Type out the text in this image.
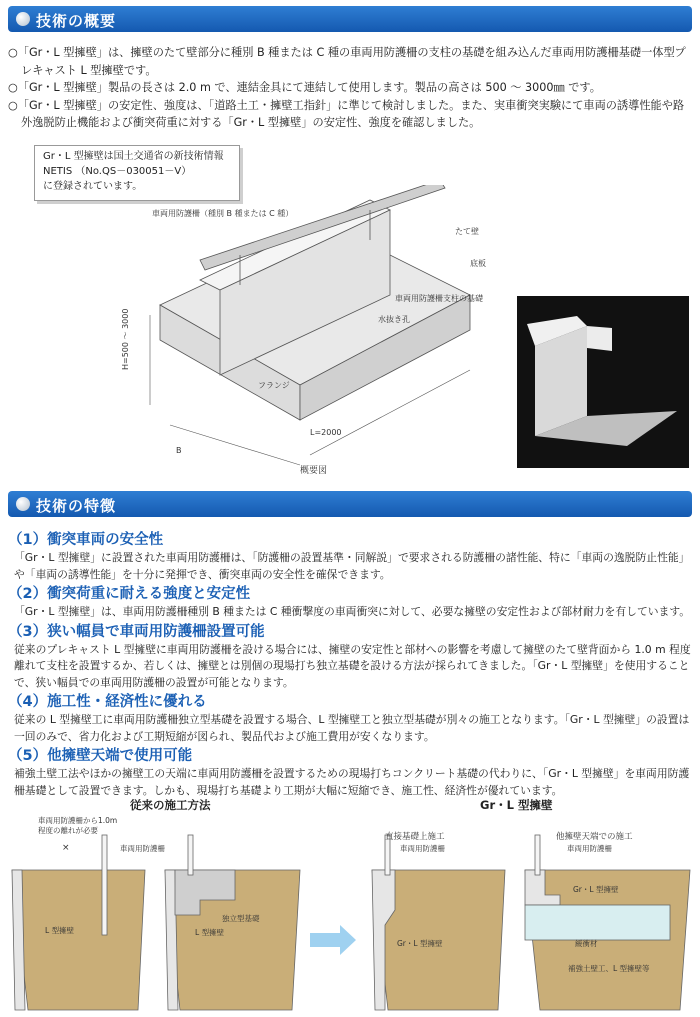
技術の概要

○「Gr・L 型擁壁」は、擁壁のたて壁部分に種別 B 種または C 種の車両用防護柵の支柱の基礎を組み込んだ車両用防護柵基礎一体型プレキャスト L 型擁壁です。

○「Gr・L 型擁壁」製品の長さは 2.0 m で、連結金具にて連結して使用します。製品の高さは 500 ～ 3000㎜ です。

○「Gr・L 型擁壁」の安定性、強度は、「道路土工・擁壁工指針」に準じて検討しました。また、実車衝突実験にて車両の誘導性能や路外逸脱防止機能および衝突荷重に対する「Gr・L 型擁壁」の安定性、強度を確認しました。

Gr・L 型擁壁は国土交通省の新技術情報
NETIS （No.QS－030051－V）
に登録されています。
車両用防護柵（種別 B 種または C 種）
たて壁
底板
車両用防護柵支柱の基礎
水抜き孔
フランジ
H=500 ～ 3000
L=2000
B
概要図
技術の特徴
（1）衝突車両の安全性

「Gr・L 型擁壁」に設置された車両用防護柵は、「防護柵の設置基準・同解説」で要求される防護柵の諸性能、特に「車両の逸脱防止性能」や「車両の誘導性能」を十分に発揮でき、衝突車両の安全性を確保できます。

（2）衝突荷重に耐える強度と安定性

「Gr・L 型擁壁」は、車両用防護柵種別 B 種または C 種衝撃度の車両衝突に対して、必要な擁壁の安定性および部材耐力を有しています。

（3）狭い幅員で車両用防護柵設置可能

従来のプレキャスト L 型擁壁に車両用防護柵を設ける場合には、擁壁の安定性と部材への影響を考慮して擁壁のたて壁背面から 1.0 m 程度離れて支柱を設置するか、若しくは、擁壁とは別個の現場打ち独立基礎を設ける方法が採られてきました。「Gr・L 型擁壁」を使用することで、狭い幅員での車両用防護柵の設置が可能となります。

（4）施工性・経済性に優れる

従来の L 型擁壁工に車両用防護柵独立型基礎を設置する場合、L 型擁壁工と独立型基礎が別々の施工となります。「Gr・L 型擁壁」の設置は一回のみで、省力化および工期短縮が図られ、製品代および施工費用が安くなります。

（5）他擁壁天端で使用可能

補強土壁工法やほかの擁壁工の天端に車両用防護柵を設置するための現場打ちコンクリート基礎の代わりに、「Gr・L 型擁壁」を車両用防護柵基礎として設置できます。しかも、現場打ち基礎より工期が大幅に短縮でき、施工性、経済性が優れています。

従来の施工方法	Gr・L 型擁壁
車両用防護柵から1.0m
程度の離れが必要
×	車両用防護柵
L 型擁壁
独立型基礎
L 型擁壁
直接基礎上施工
車両用防護柵
Gr・L 型擁壁
他擁壁天端での施工
車両用防護柵
Gr・L 型擁壁
緩衝材
補強土壁工、L 型擁壁等
